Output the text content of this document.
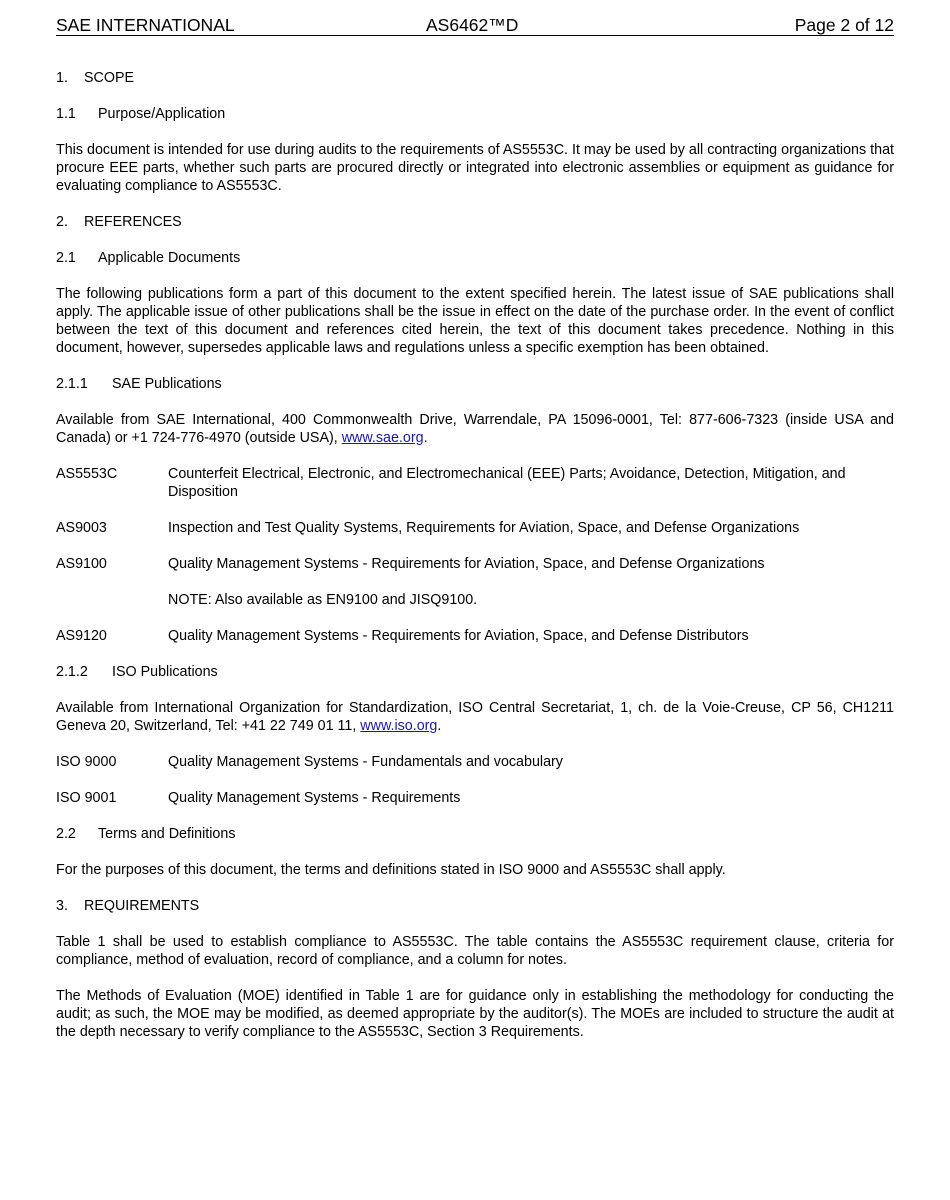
SAE INTERNATIONAL	AS6462™D	Page 2 of 12
1. SCOPE
1.1 Purpose/Application

This document is intended for use during audits to the requirements of AS5553C. It may be used by all contracting organizations that procure EEE parts, whether such parts are procured directly or integrated into electronic assemblies or equipment as guidance for evaluating compliance to AS5553C.

2. REFERENCES
2.1 Applicable Documents

The following publications form a part of this document to the extent specified herein. The latest issue of SAE publications shall apply. The applicable issue of other publications shall be the issue in effect on the date of the purchase order. In the event of conflict between the text of this document and references cited herein, the text of this document takes precedence. Nothing in this document, however, supersedes applicable laws and regulations unless a specific exemption has been obtained.

2.1.1 SAE Publications

Available from SAE International, 400 Commonwealth Drive, Warrendale, PA 15096-0001, Tel: 877-606-7323 (inside USA and Canada) or +1 724-776-4970 (outside USA), www.sae.org.

AS5553C	Counterfeit Electrical, Electronic, and Electromechanical (EEE) Parts; Avoidance, Detection, Mitigation, and Disposition
AS9003	Inspection and Test Quality Systems, Requirements for Aviation, Space, and Defense Organizations
AS9100	Quality Management Systems - Requirements for Aviation, Space, and Defense Organizations
NOTE: Also available as EN9100 and JISQ9100.
AS9120	Quality Management Systems - Requirements for Aviation, Space, and Defense Distributors
2.1.2 ISO Publications

Available from International Organization for Standardization, ISO Central Secretariat, 1, ch. de la Voie-Creuse, CP 56, CH1211 Geneva 20, Switzerland, Tel: +41 22 749 01 11, www.iso.org.

ISO 9000	Quality Management Systems - Fundamentals and vocabulary
ISO 9001	Quality Management Systems - Requirements
2.2 Terms and Definitions

For the purposes of this document, the terms and definitions stated in ISO 9000 and AS5553C shall apply.

3. REQUIREMENTS

Table 1 shall be used to establish compliance to AS5553C. The table contains the AS5553C requirement clause, criteria for compliance, method of evaluation, record of compliance, and a column for notes.

The Methods of Evaluation (MOE) identified in Table 1 are for guidance only in establishing the methodology for conducting the audit; as such, the MOE may be modified, as deemed appropriate by the auditor(s). The MOEs are included to structure the audit at the depth necessary to verify compliance to the AS5553C, Section 3 Requirements.
